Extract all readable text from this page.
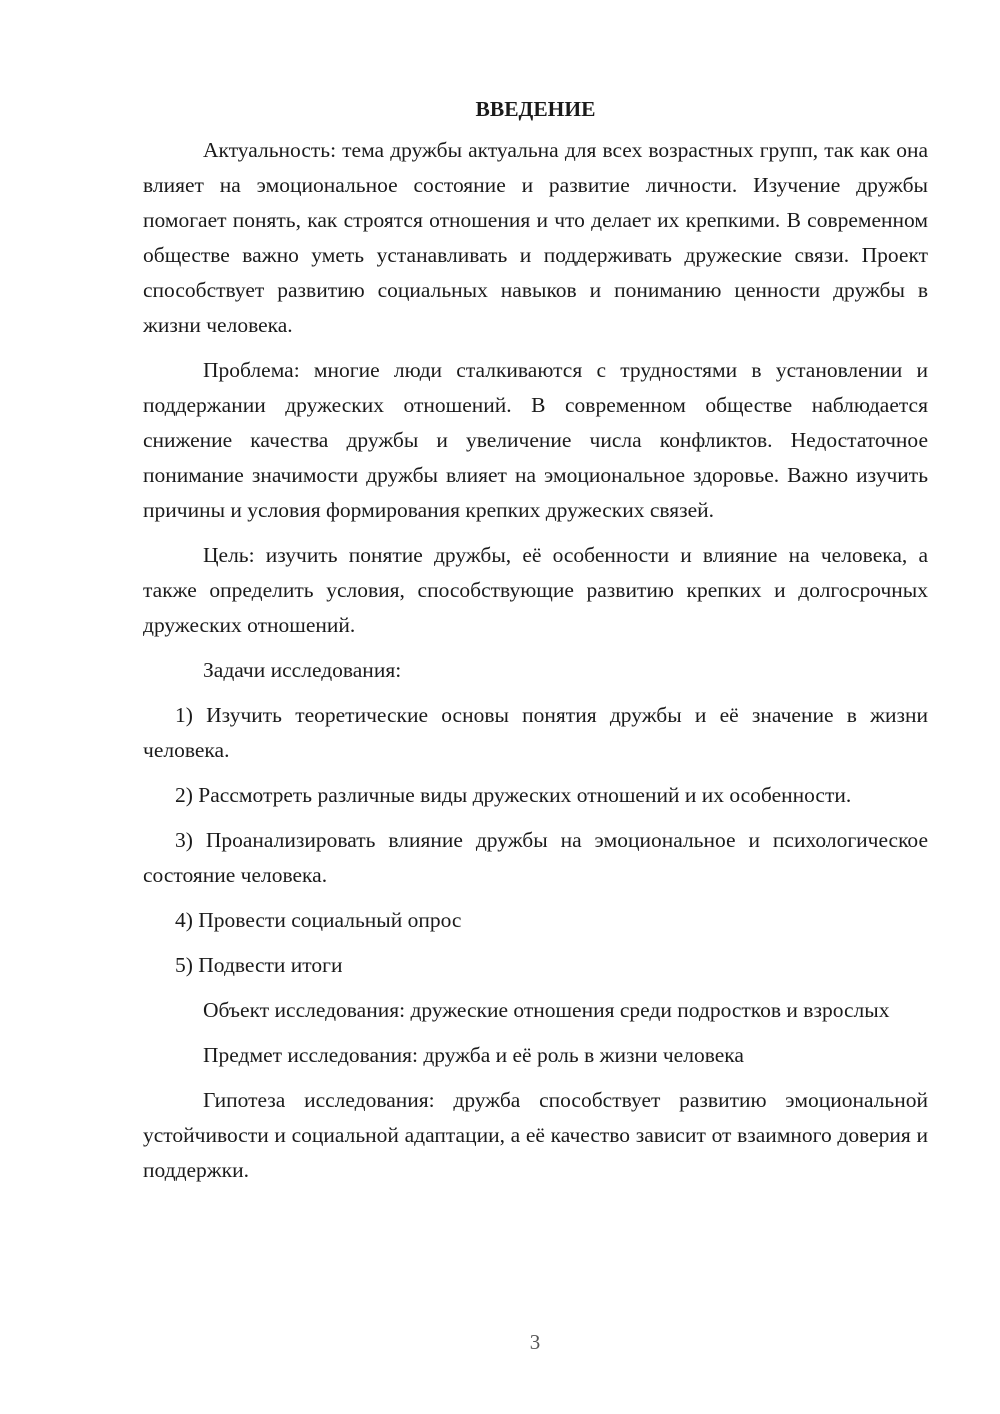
ВВЕДЕНИЕ

Актуальность: тема дружбы актуальна для всех возрастных групп, так как она влияет на эмоциональное состояние и развитие личности. Изучение дружбы помогает понять, как строятся отношения и что делает их крепкими. В современном обществе важно уметь устанавливать и поддерживать дружеские связи. Проект способствует развитию социальных навыков и пониманию ценности дружбы в жизни человека.

Проблема: многие люди сталкиваются с трудностями в установлении и поддержании дружеских отношений. В современном обществе наблюдается снижение качества дружбы и увеличение числа конфликтов. Недостаточное понимание значимости дружбы влияет на эмоциональное здоровье. Важно изучить причины и условия формирования крепких дружеских связей.

Цель: изучить понятие дружбы, её особенности и влияние на человека, а также определить условия, способствующие развитию крепких и долгосрочных дружеских отношений.

Задачи исследования:

1) Изучить теоретические основы понятия дружбы и её значение в жизни человека.

2) Рассмотреть различные виды дружеских отношений и их особенности.

3) Проанализировать влияние дружбы на эмоциональное и психологическое состояние человека.

4) Провести социальный опрос

5) Подвести итоги

Объект исследования: дружеские отношения среди подростков и взрослых

Предмет исследования: дружба и её роль в жизни человека

Гипотеза исследования: дружба способствует развитию эмоциональной устойчивости и социальной адаптации, а её качество зависит от взаимного доверия и поддержки.

3
